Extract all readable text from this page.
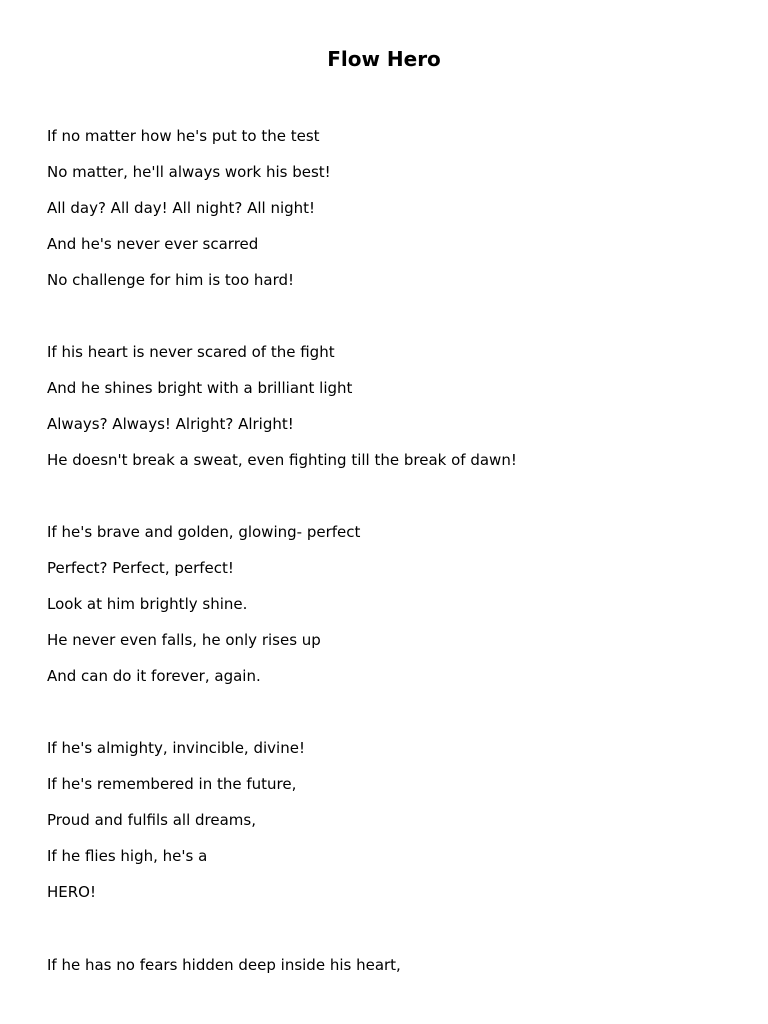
Flow Hero
If no matter how he's put to the test
No matter, he'll always work his best!
All day? All day! All night? All night!
And he's never ever scarred
No challenge for him is too hard!
If his heart is never scared of the fight
And he shines bright with a brilliant light
Always? Always! Alright? Alright!
He doesn't break a sweat, even fighting till the break of dawn!
If he's brave and golden, glowing- perfect
Perfect? Perfect, perfect!
Look at him brightly shine.
He never even falls, he only rises up
And can do it forever, again.
If he's almighty, invincible, divine!
If he's remembered in the future,
Proud and fulfils all dreams,
If he flies high, he's a
HERO!
If he has no fears hidden deep inside his heart,
